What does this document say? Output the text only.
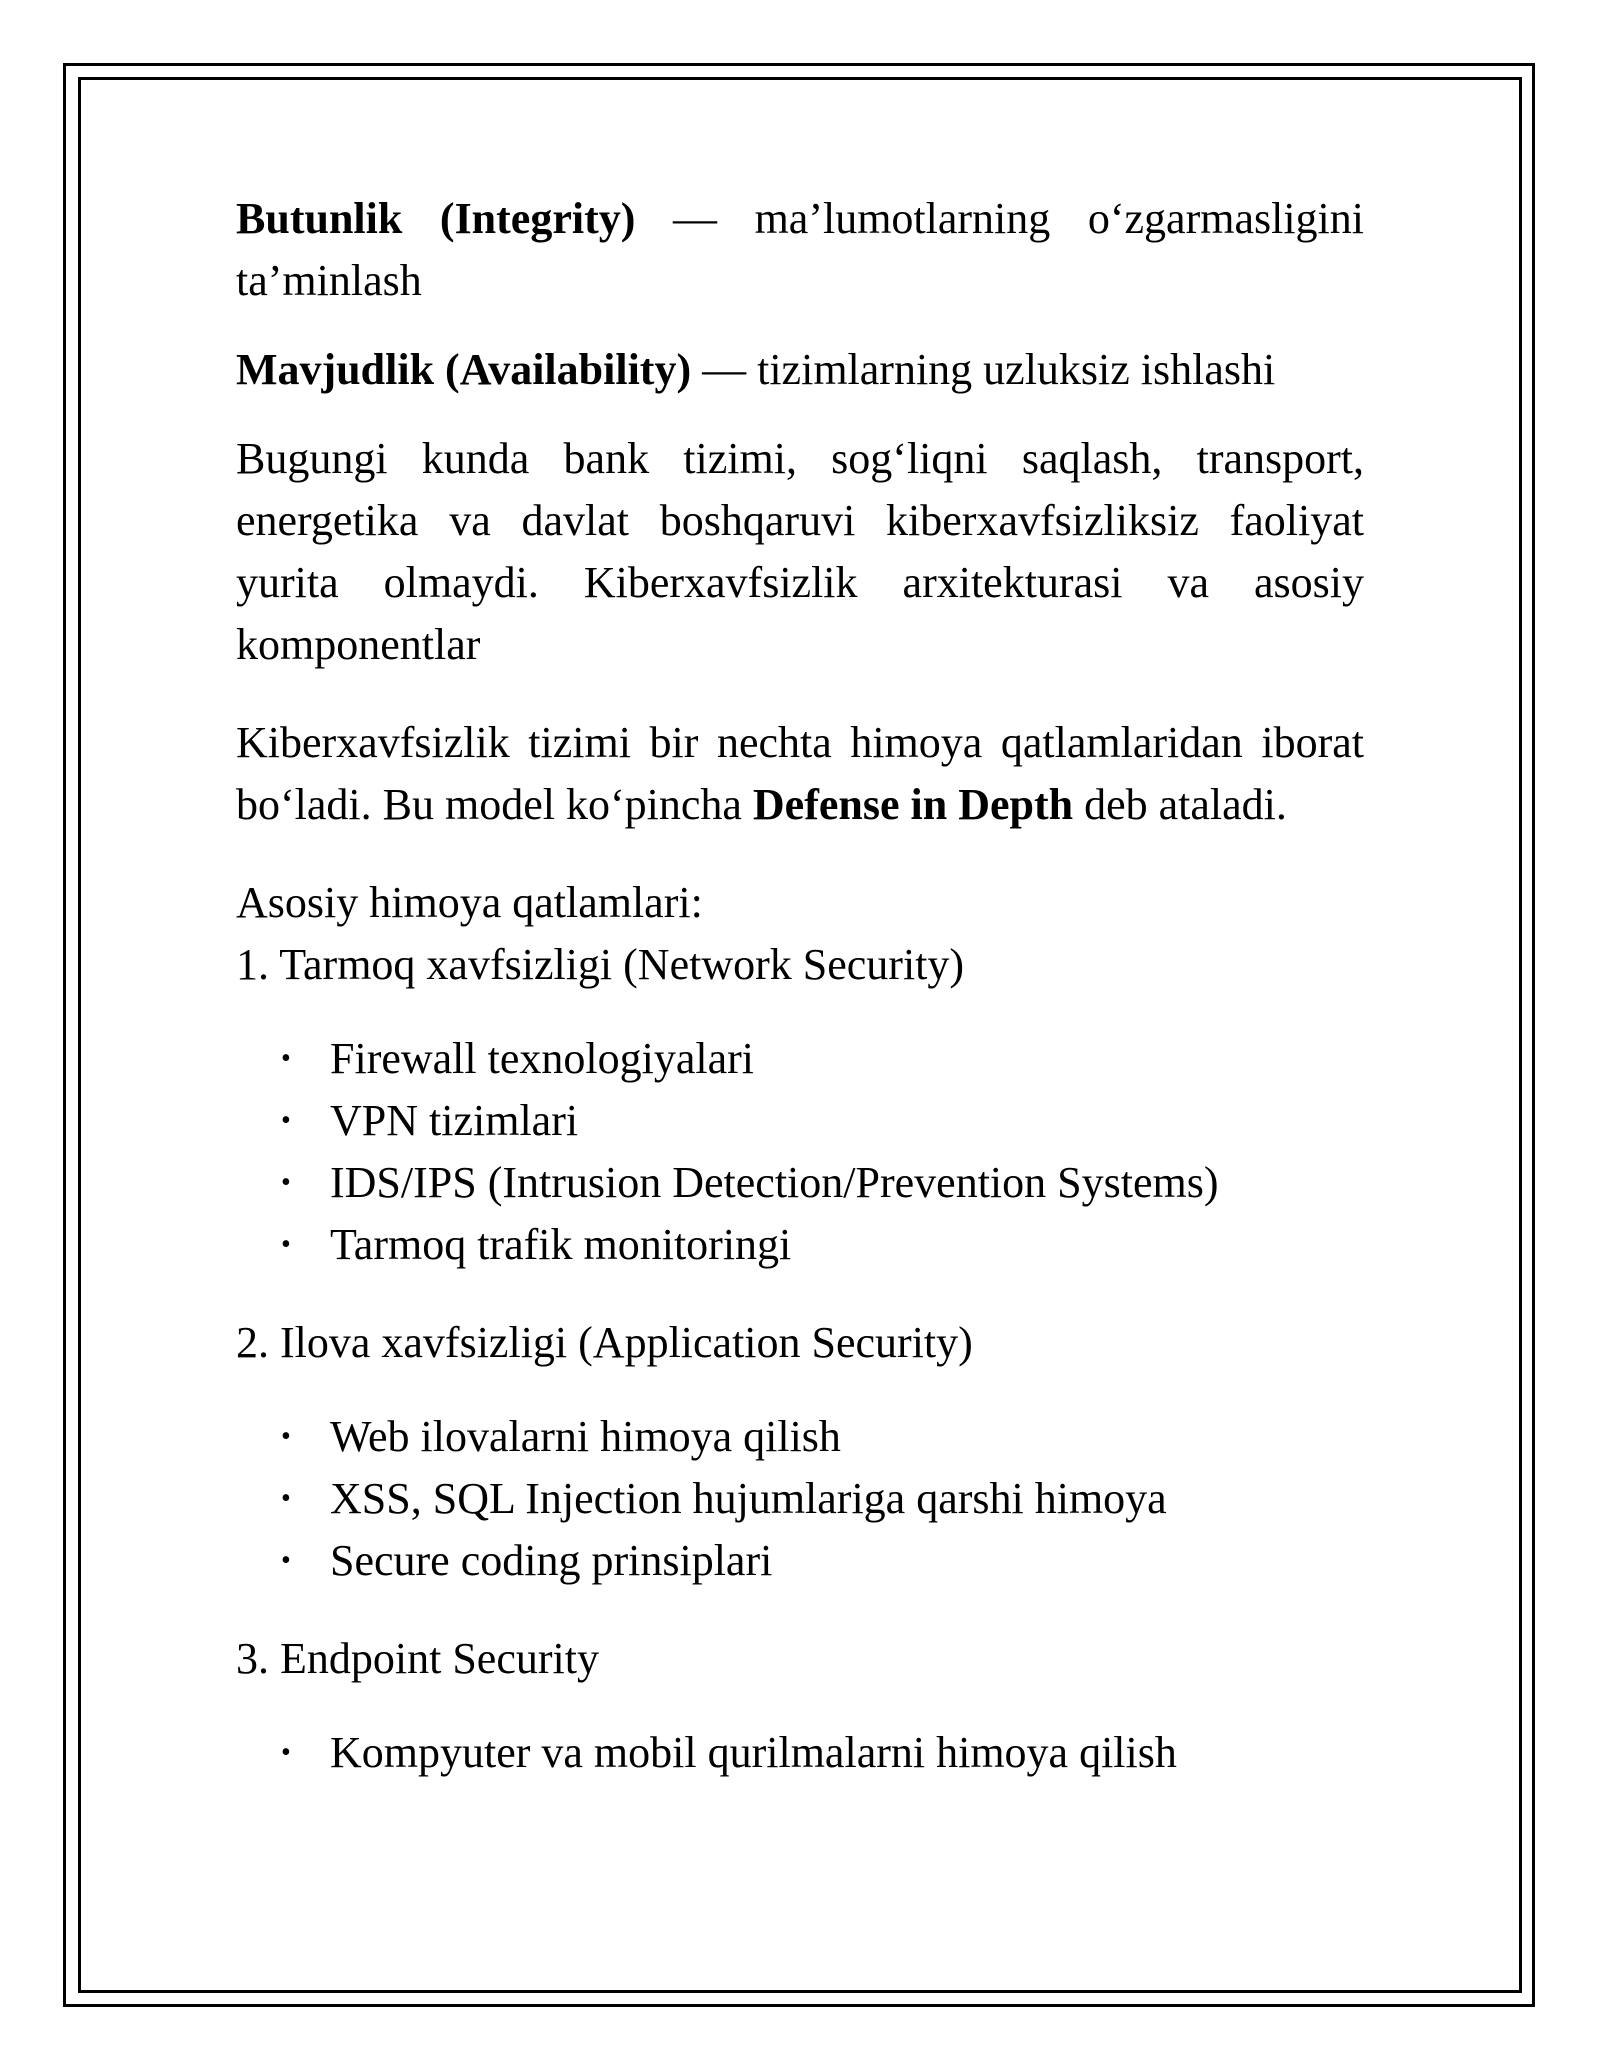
Butunlik (Integrity) — ma’lumotlarning o‘zgarmasligini ta’minlash

Mavjudlik (Availability) — tizimlarning uzluksiz ishlashi

Bugungi kunda bank tizimi, sog‘liqni saqlash, transport, energetika va davlat boshqaruvi kiberxavfsizliksiz faoliyat yurita olmaydi. Kiberxavfsizlik arxitekturasi va asosiy komponentlar

Kiberxavfsizlik tizimi bir nechta himoya qatlamlaridan iborat bo‘ladi. Bu model ko‘pincha Defense in Depth deb ataladi.

Asosiy himoya qatlamlari:

1. Tarmoq xavfsizligi (Network Security)

• Firewall texnologiyalari
• VPN tizimlari
• IDS/IPS (Intrusion Detection/Prevention Systems)
• Tarmoq trafik monitoringi

2. Ilova xavfsizligi (Application Security)

• Web ilovalarni himoya qilish
• XSS, SQL Injection hujumlariga qarshi himoya
• Secure coding prinsiplari

3. Endpoint Security

• Kompyuter va mobil qurilmalarni himoya qilish
